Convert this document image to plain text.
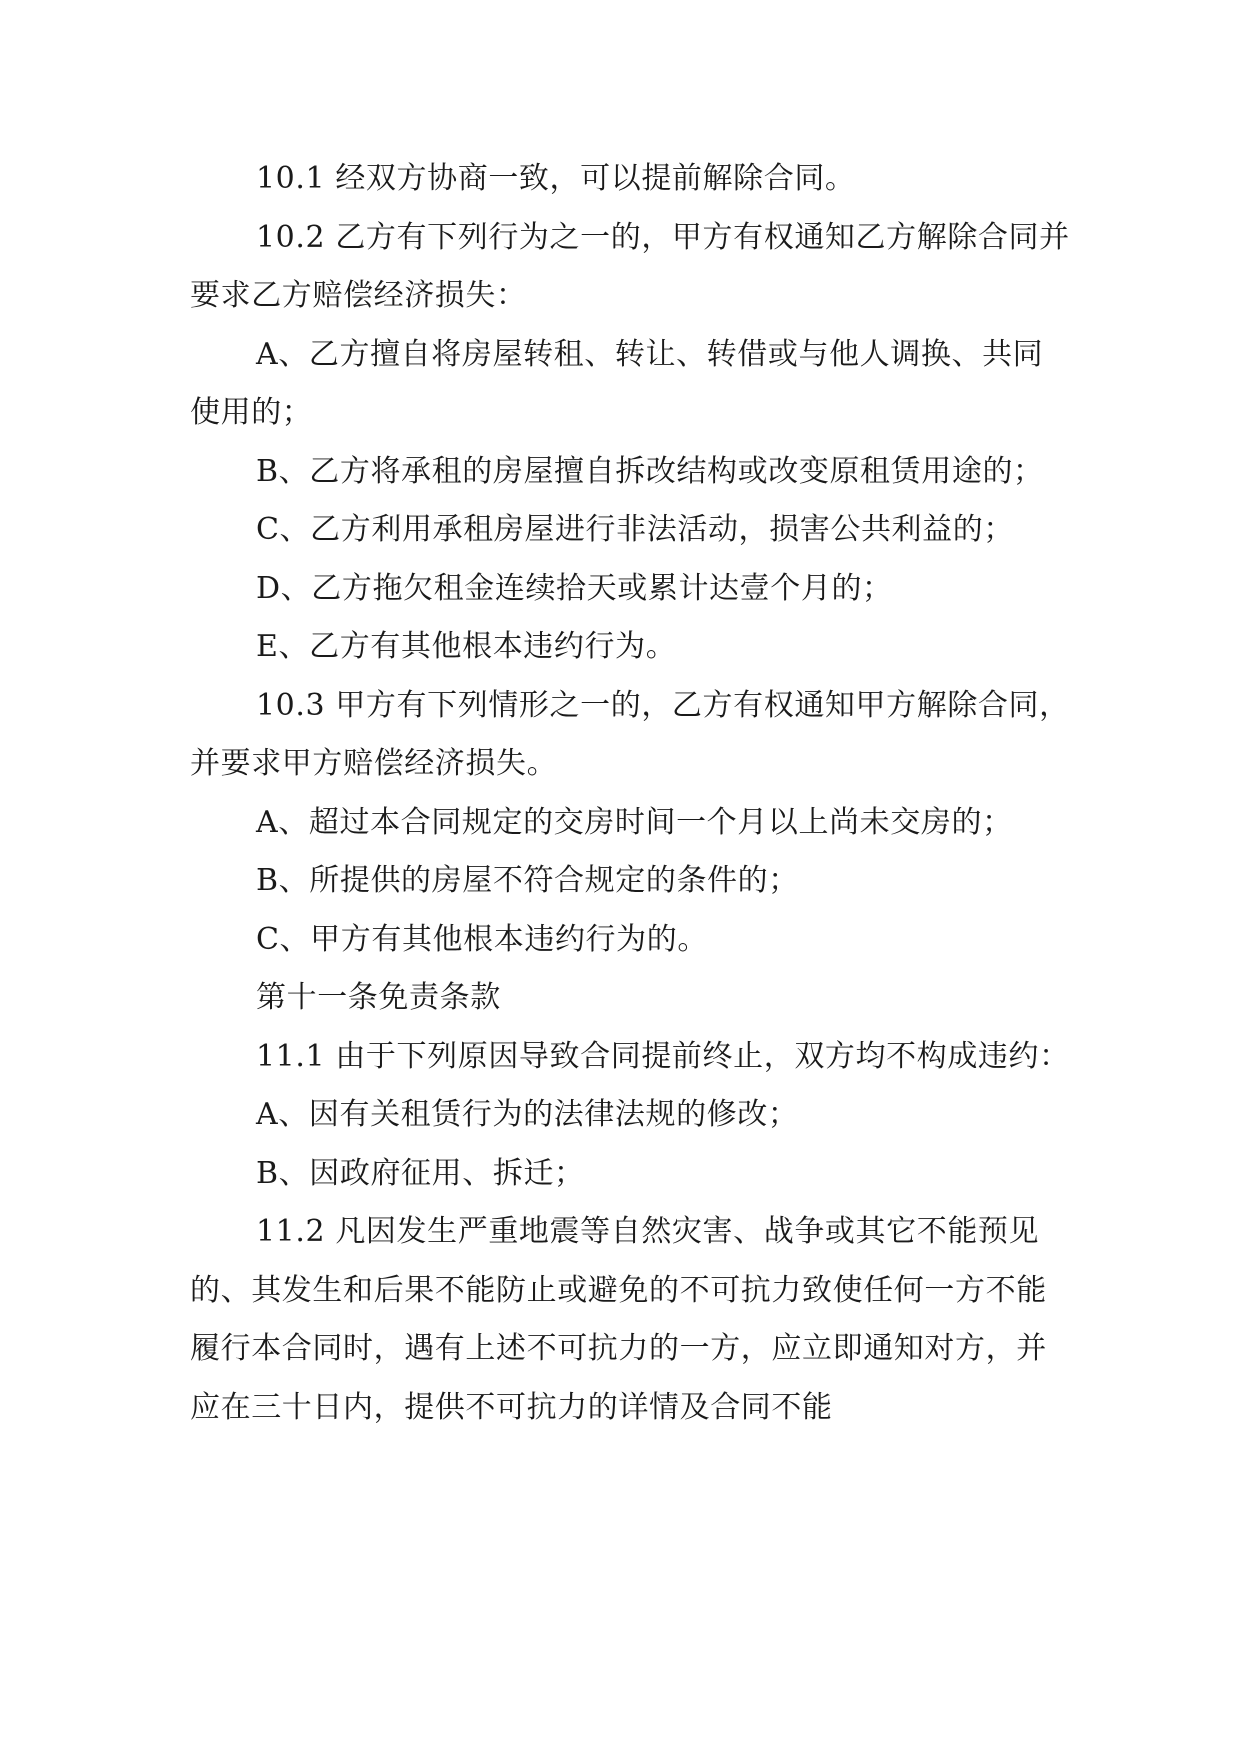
10.1 经双方协商一致，可以提前解除合同。

10.2 乙方有下列行为之一的，甲方有权通知乙方解除合同并要求乙方赔偿经济损失：

A、乙方擅自将房屋转租、转让、转借或与他人调换、共同使用的；

B、乙方将承租的房屋擅自拆改结构或改变原租赁用途的；

C、乙方利用承租房屋进行非法活动，损害公共利益的；

D、乙方拖欠租金连续拾天或累计达壹个月的；

E、乙方有其他根本违约行为。

10.3 甲方有下列情形之一的，乙方有权通知甲方解除合同，并要求甲方赔偿经济损失。

A、超过本合同规定的交房时间一个月以上尚未交房的；

B、所提供的房屋不符合规定的条件的；

C、甲方有其他根本违约行为的。

第十一条免责条款

11.1 由于下列原因导致合同提前终止，双方均不构成违约：

A、因有关租赁行为的法律法规的修改；

B、因政府征用、拆迁；

11.2 凡因发生严重地震等自然灾害、战争或其它不能预见的、其发生和后果不能防止或避免的不可抗力致使任何一方不能履行本合同时，遇有上述不可抗力的一方，应立即通知对方，并应在三十日内，提供不可抗力的详情及合同不能
